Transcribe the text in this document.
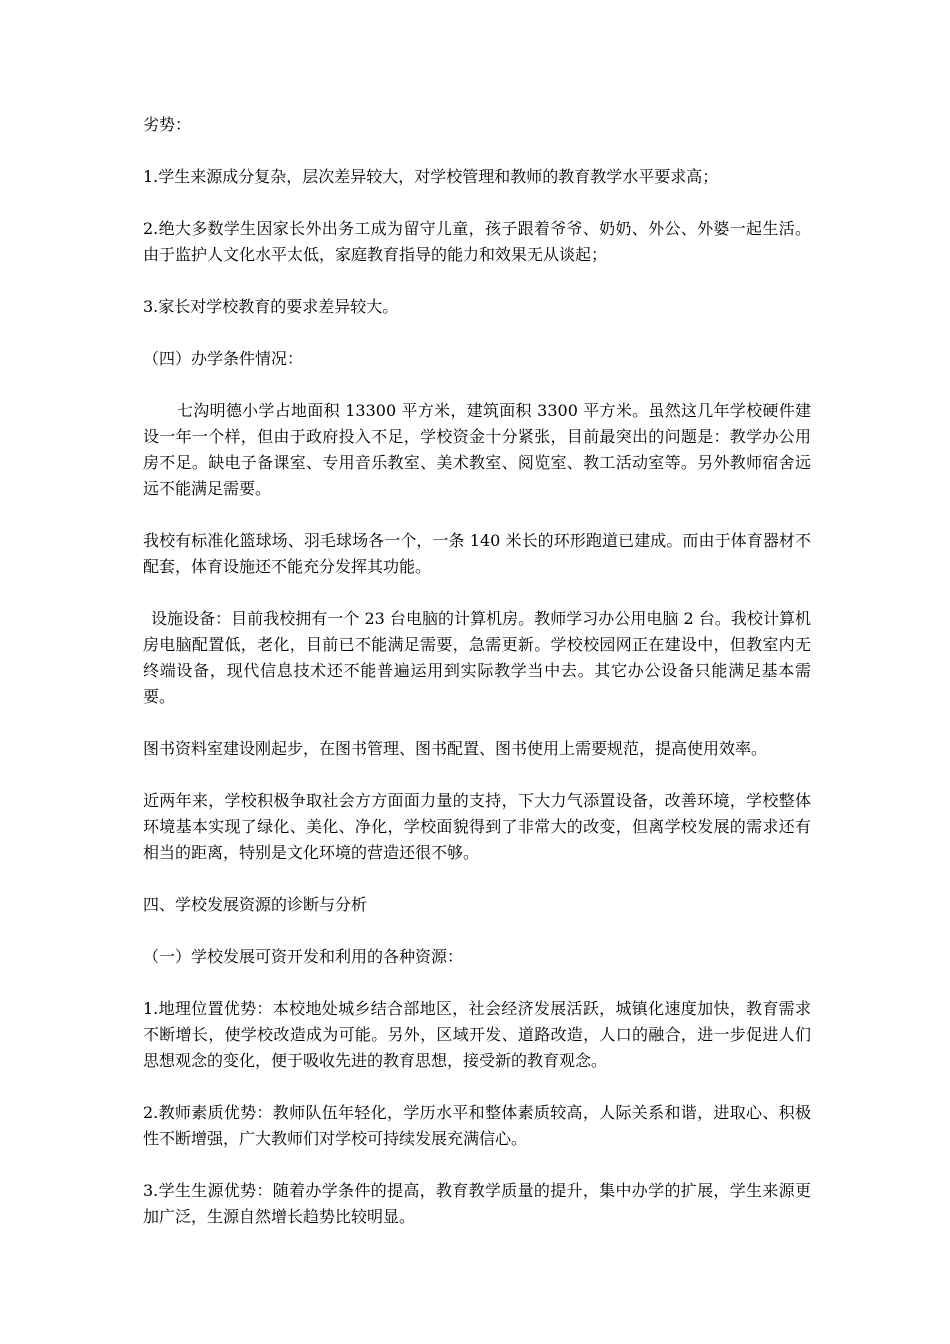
劣势：

1.学生来源成分复杂，层次差异较大，对学校管理和教师的教育教学水平要求高；

2.绝大多数学生因家长外出务工成为留守儿童，孩子跟着爷爷、奶奶、外公、外婆一起生活。由于监护人文化水平太低，家庭教育指导的能力和效果无从谈起；

3.家长对学校教育的要求差异较大。

（四）办学条件情况：

七沟明德小学占地面积 13300 平方米，建筑面积 3300 平方米。虽然这几年学校硬件建设一年一个样，但由于政府投入不足，学校资金十分紧张，目前最突出的问题是：教学办公用房不足。缺电子备课室、专用音乐教室、美术教室、阅览室、教工活动室等。另外教师宿舍远远不能满足需要。

我校有标准化篮球场、羽毛球场各一个，一条 140 米长的环形跑道已建成。而由于体育器材不配套，体育设施还不能充分发挥其功能。

设施设备：目前我校拥有一个 23 台电脑的计算机房。教师学习办公用电脑 2 台。我校计算机房电脑配置低，老化，目前已不能满足需要，急需更新。学校校园网正在建设中，但教室内无终端设备，现代信息技术还不能普遍运用到实际教学当中去。其它办公设备只能满足基本需要。

图书资料室建设刚起步，在图书管理、图书配置、图书使用上需要规范，提高使用效率。

近两年来，学校积极争取社会方方面面力量的支持，下大力气添置设备，改善环境，学校整体环境基本实现了绿化、美化、净化，学校面貌得到了非常大的改变，但离学校发展的需求还有相当的距离，特别是文化环境的营造还很不够。

四、学校发展资源的诊断与分析

（一）学校发展可资开发和利用的各种资源：

1.地理位置优势：本校地处城乡结合部地区，社会经济发展活跃，城镇化速度加快，教育需求不断增长，使学校改造成为可能。另外，区域开发、道路改造，人口的融合，进一步促进人们思想观念的变化，便于吸收先进的教育思想，接受新的教育观念。

2.教师素质优势：教师队伍年轻化，学历水平和整体素质较高，人际关系和谐，进取心、积极性不断增强，广大教师们对学校可持续发展充满信心。

3.学生生源优势：随着办学条件的提高，教育教学质量的提升，集中办学的扩展，学生来源更加广泛，生源自然增长趋势比较明显。
